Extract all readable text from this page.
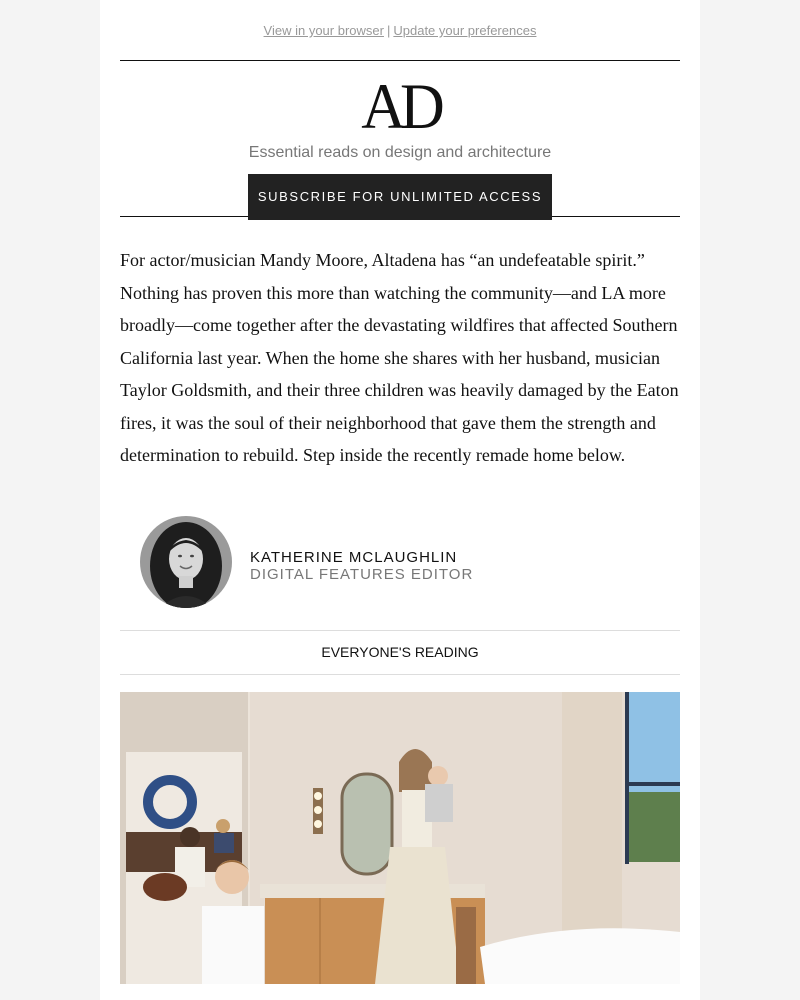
View in your browser | Update your preferences
AD
Essential reads on design and architecture
SUBSCRIBE FOR UNLIMITED ACCESS

For actor/musician Mandy Moore, Altadena has “an undefeatable spirit.” Nothing has proven this more than watching the community—and LA more broadly—come together after the devastating wildfires that affected Southern California last year. When the home she shares with her husband, musician Taylor Goldsmith, and their three children was heavily damaged by the Eaton fires, it was the soul of their neighborhood that gave them the strength and determination to rebuild. Step inside the recently remade home below.

KATHERINE MCLAUGHLIN
DIGITAL FEATURES EDITOR
EVERYONE'S READING
